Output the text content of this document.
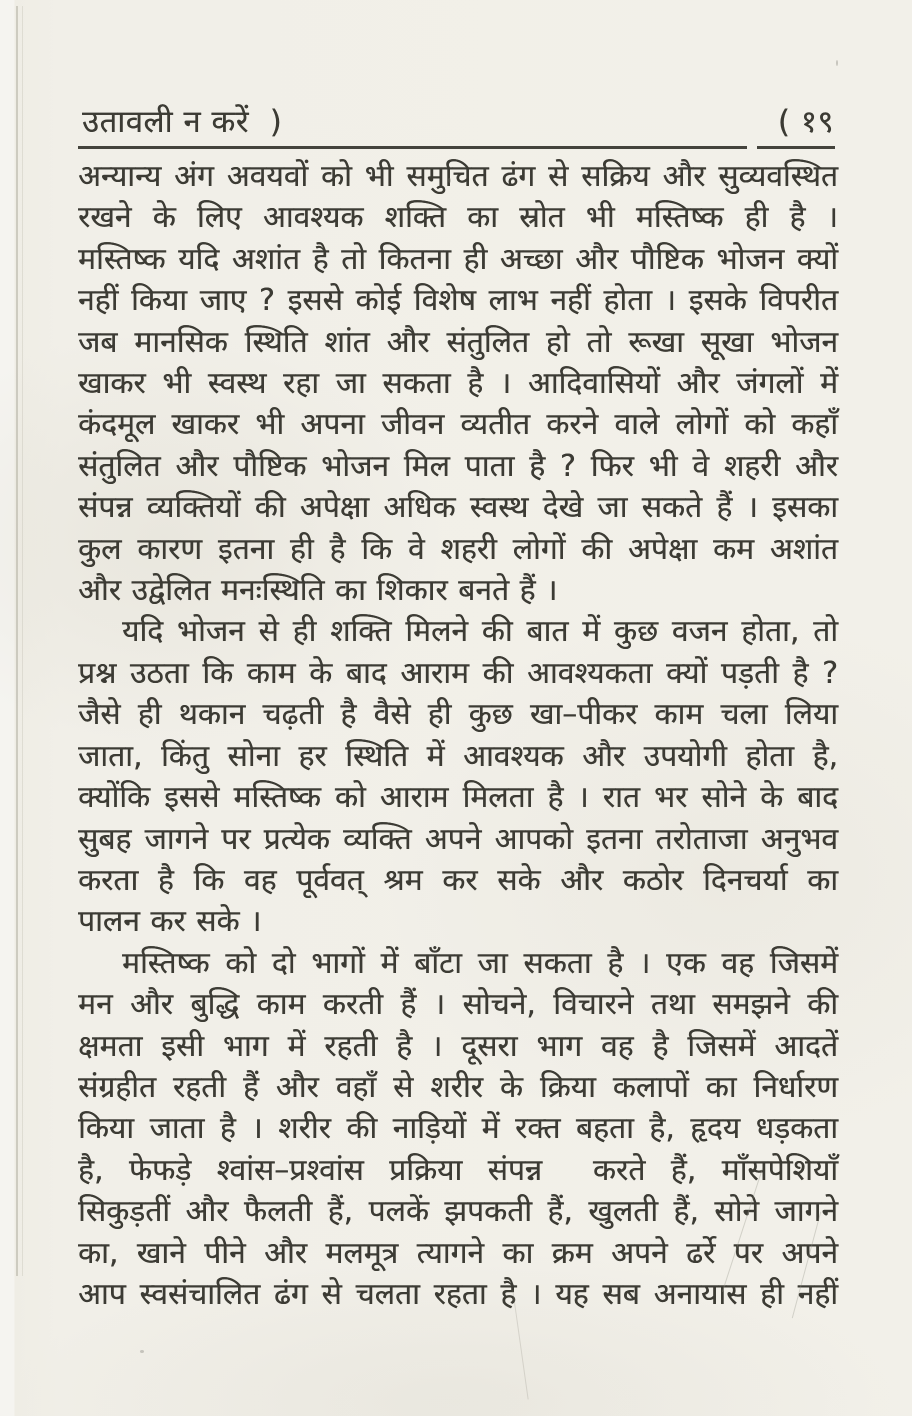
उतावली न करें  )	( १९

अन्यान्य अंग अवयवों को भी समुचित ढंग से सक्रिय और सुव्यवस्थित
रखने के लिए आवश्यक शक्ति का स्रोत भी मस्तिष्क ही है ।
मस्तिष्क यदि अशांत है तो कितना ही अच्छा और पौष्टिक भोजन क्यों
नहीं किया जाए ? इससे कोई विशेष लाभ नहीं होता । इसके विपरीत
जब मानसिक स्थिति शांत और संतुलित हो तो रूखा सूखा भोजन
खाकर भी स्वस्थ रहा जा सकता है । आदिवासियों और जंगलों में
कंदमूल खाकर भी अपना जीवन व्यतीत करने वाले लोगों को कहाँ
संतुलित और पौष्टिक भोजन मिल पाता है ? फिर भी वे शहरी और
संपन्न व्यक्तियों की अपेक्षा अधिक स्वस्थ देखे जा सकते हैं । इसका
कुल कारण इतना ही है कि वे शहरी लोगों की अपेक्षा कम अशांत
और उद्वेलित मनःस्थिति का शिकार बनते हैं ।

यदि भोजन से ही शक्ति मिलने की बात में कुछ वजन होता, तो
प्रश्न उठता कि काम के बाद आराम की आवश्यकता क्यों पड़ती है ?
जैसे ही थकान चढ़ती है वैसे ही कुछ खा–पीकर काम चला लिया
जाता, किंतु सोना हर स्थिति में आवश्यक और उपयोगी होता है,
क्योंकि इससे मस्तिष्क को आराम मिलता है । रात भर सोने के बाद
सुबह जागने पर प्रत्येक व्यक्ति अपने आपको इतना तरोताजा अनुभव
करता है कि वह पूर्ववत् श्रम कर सके और कठोर दिनचर्या का
पालन कर सके ।

मस्तिष्क को दो भागों में बाँटा जा सकता है । एक वह जिसमें
मन और बुद्धि काम करती हैं । सोचने, विचारने तथा समझने की
क्षमता इसी भाग में रहती है । दूसरा भाग वह है जिसमें आदतें
संग्रहीत रहती हैं और वहाँ से शरीर के क्रिया कलापों का निर्धारण
किया जाता है । शरीर की नाड़ियों में रक्त बहता है, हृदय धड़कता
है, फेफड़े श्वांस–प्रश्वांस प्रक्रिया संपन्न  करते हैं, माँसपेशियाँ
सिकुड़तीं और फैलती हैं, पलकें झपकती हैं, खुलती हैं, सोने जागने
का, खाने पीने और मलमूत्र त्यागने का क्रम अपने ढर्रे पर अपने
आप स्वसंचालित ढंग से चलता रहता है । यह सब अनायास ही नहीं
